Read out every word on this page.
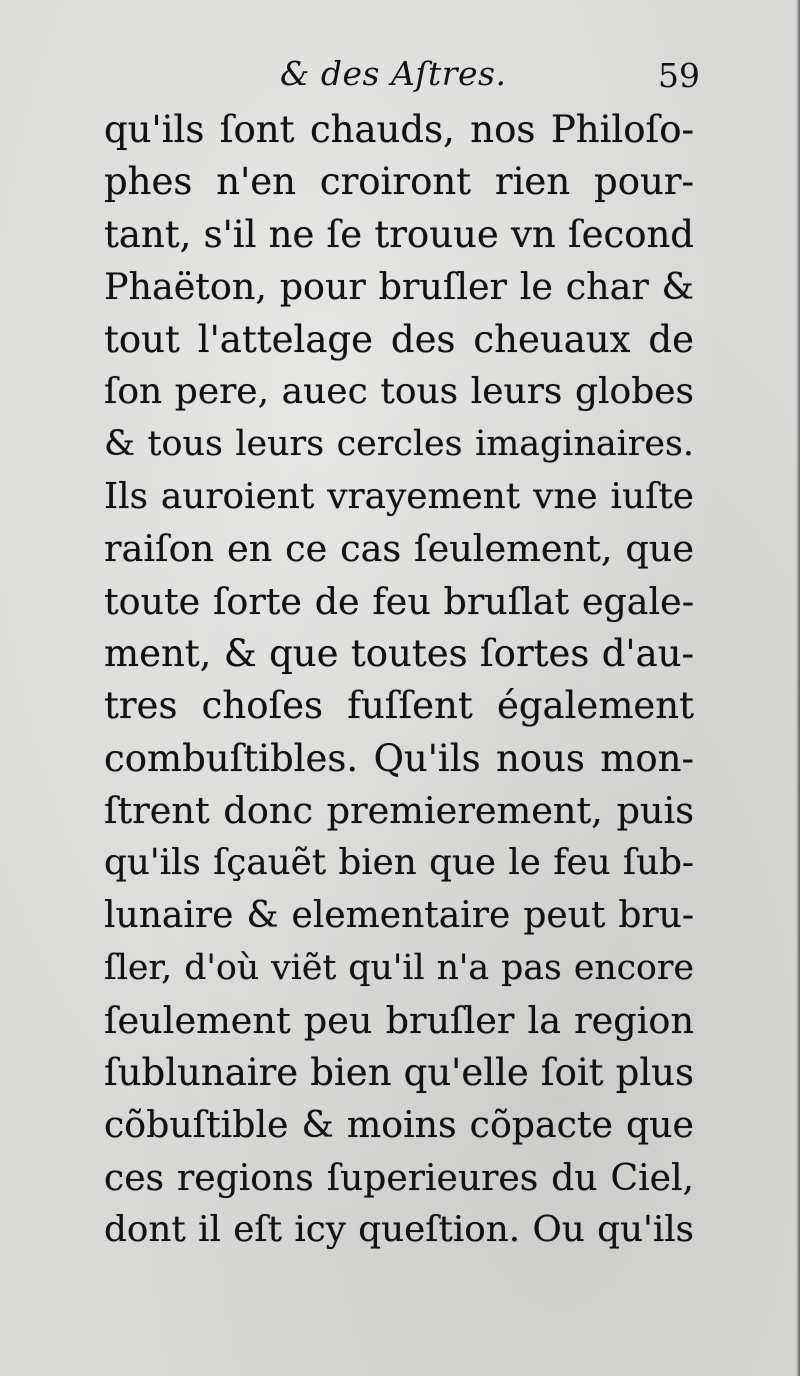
& des Aſtres.	59
qu'ils ſont chauds, nos Philoſo-
phes n'en croiront rien pour-
tant, s'il ne ſe trouue vn ſecond
Phaëton, pour bruſler le char &
tout l'attelage des cheuaux de
ſon pere, auec tous leurs globes
& tous leurs cercles imaginaires.
Ils auroient vrayement vne iuſte
raiſon en ce cas ſeulement, que
toute ſorte de feu bruſlat egale-
ment, & que toutes ſortes d'au-
tres choſes fuſſent également
combuſtibles. Qu'ils nous mon-
ſtrent donc premierement, puis
qu'ils ſçauẽt bien que le feu ſub-
lunaire & elementaire peut bru-
ſler, d'où viẽt qu'il n'a pas encore
ſeulement peu bruſler la region
ſublunaire bien qu'elle ſoit plus
cõbuſtible & moins cõpacte que
ces regions ſuperieures du Ciel,
dont il eſt icy queſtion. Ou qu'ils
